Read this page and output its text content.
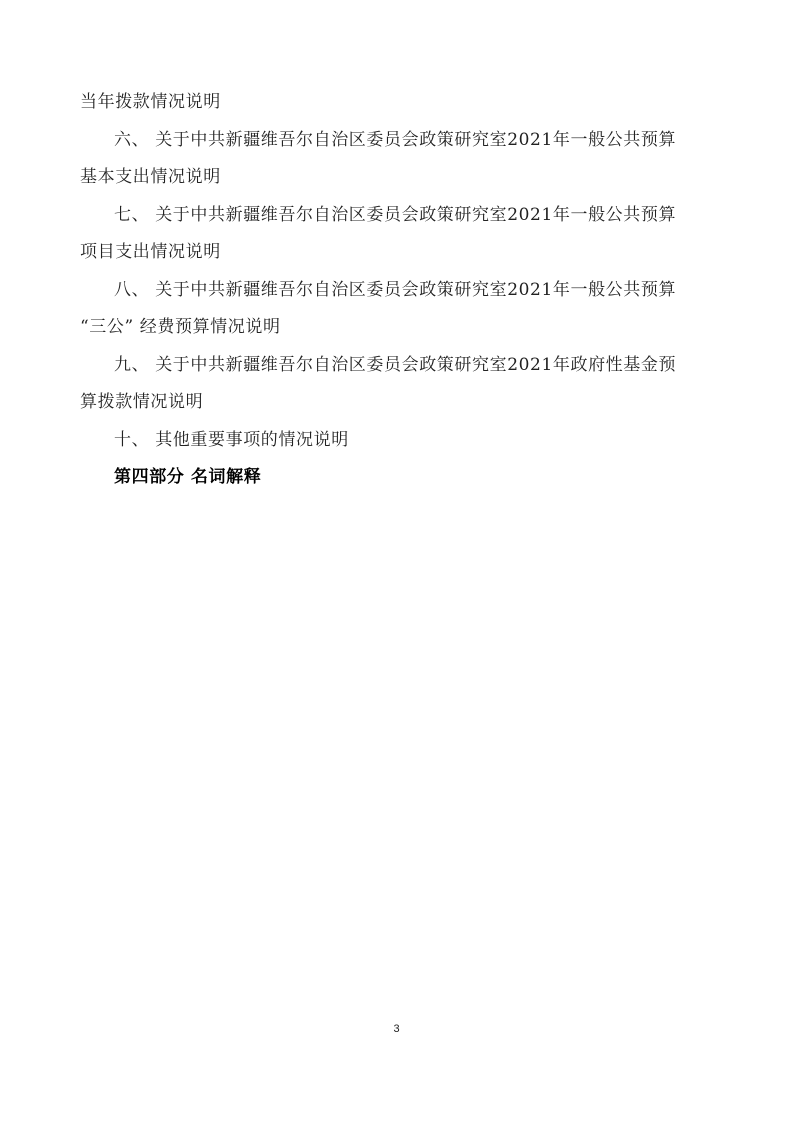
当年拨款情况说明
六、 关于中共新疆维吾尔自治区委员会政策研究室2021年一般公共预算
基本支出情况说明
七、 关于中共新疆维吾尔自治区委员会政策研究室2021年一般公共预算
项目支出情况说明
八、 关于中共新疆维吾尔自治区委员会政策研究室2021年一般公共预算
“三公” 经费预算情况说明
九、 关于中共新疆维吾尔自治区委员会政策研究室2021年政府性基金预
算拨款情况说明
十、 其他重要事项的情况说明
第四部分 名词解释
3
